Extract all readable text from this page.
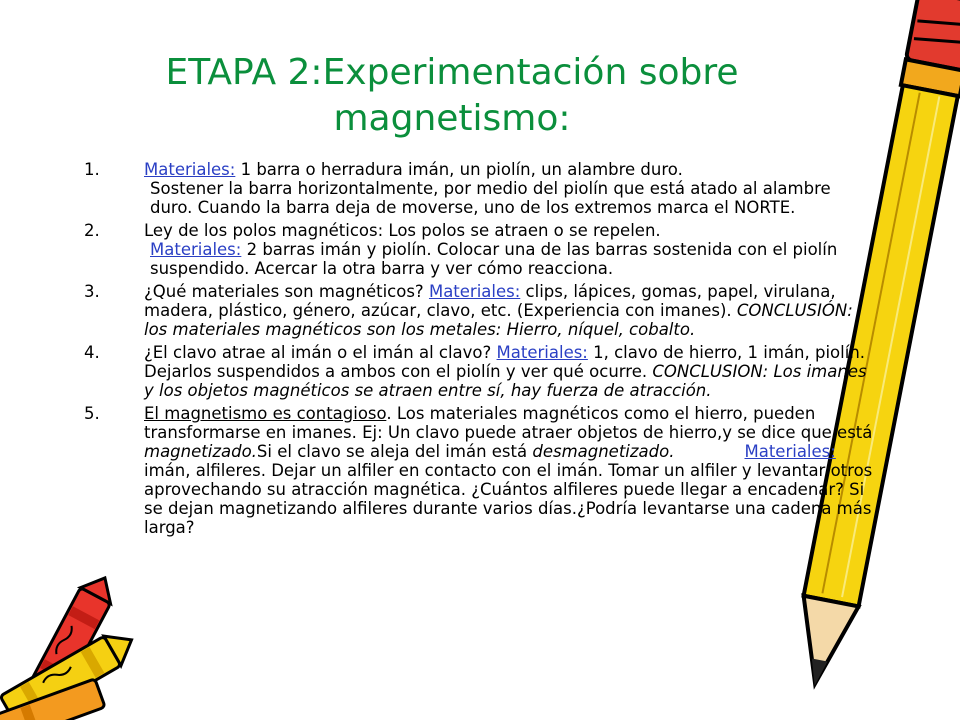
ETAPA 2:Experimentación sobre magnetismo:
1.	Materiales: 1 barra o herradura imán, un piolín, un alambre duro.

Sostener la barra horizontalmente, por medio del piolín que está atado al alambre duro. Cuando la barra deja de moverse, uno de los extremos marca el NORTE.

2.	Ley de los polos magnéticos: Los polos se atraen o se repelen.

Materiales: 2 barras imán y piolín. Colocar una de las barras sostenida con el piolín suspendido. Acercar la otra barra y ver cómo reacciona.

3.	¿Qué materiales son magnéticos? Materiales: clips, lápices, gomas, papel, virulana, madera, plástico, género, azúcar, clavo, etc. (Experiencia con imanes). CONCLUSIÓN: los materiales magnéticos son los metales: Hierro, níquel, cobalto.

4.	¿El clavo atrae al imán o el imán al clavo? Materiales: 1, clavo de hierro, 1 imán, piolín. Dejarlos suspendidos a ambos con el piolín y ver qué ocurre. CONCLUSION: Los imanes y los objetos magnéticos se atraen entre sí, hay fuerza de atracción.

5.	El magnetismo es contagioso. Los materiales magnéticos como el hierro, pueden transformarse en imanes. Ej: Un clavo puede atraer objetos de hierro,y se dice que está magnetizado.Si el clavo se aleja del imán está desmagnetizado.	Materiales: imán, alfileres. Dejar un alfiler en contacto con el imán. Tomar un alfiler y levantar otros aprovechando su atracción magnética. ¿Cuántos alfileres puede llegar a encadenar? Si se dejan magnetizando alfileres durante varios días.¿Podría levantarse una cadena más larga?
